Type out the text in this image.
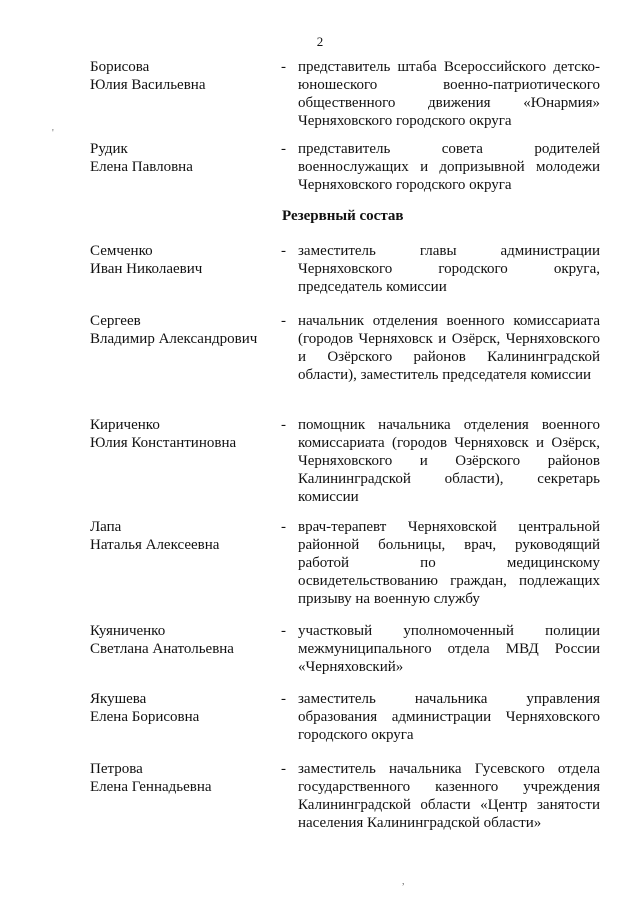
2
Борисова
Юлия Васильевна
- представитель штаба Всероссийского детско-юношеского военно-патриотического общественного движения «Юнармия» Черняховского городского округа
Рудик
Елена Павловна
- представитель совета родителей военнослужащих и допризывной молодежи Черняховского городского округа
Резервный состав
Семченко
Иван Николаевич
- заместитель главы администрации Черняховского городского округа, председатель комиссии
Сергеев
Владимир Александрович
- начальник отделения военного комиссариата (городов Черняховск и Озёрск, Черняховского и Озёрского районов Калининградской области), заместитель председателя комиссии
Кириченко
Юлия Константиновна
- помощник начальника отделения военного комиссариата (городов Черняховск и Озёрск, Черняховского и Озёрского районов Калининградской области), секретарь комиссии
Лапа
Наталья Алексеевна
- врач-терапевт Черняховской центральной районной больницы, врач, руководящий работой по медицинскому освидетельствованию граждан, подлежащих призыву на военную службу
Куяниченко
Светлана Анатольевна
- участковый уполномоченный полиции межмуниципального отдела МВД России «Черняховский»
Якушева
Елена Борисовна
- заместитель начальника управления образования администрации Черняховского городского округа
Петрова
Елена Геннадьевна
- заместитель начальника Гусевского отдела государственного казенного учреждения Калининградской области «Центр занятости населения Калининградской области»
'
,
